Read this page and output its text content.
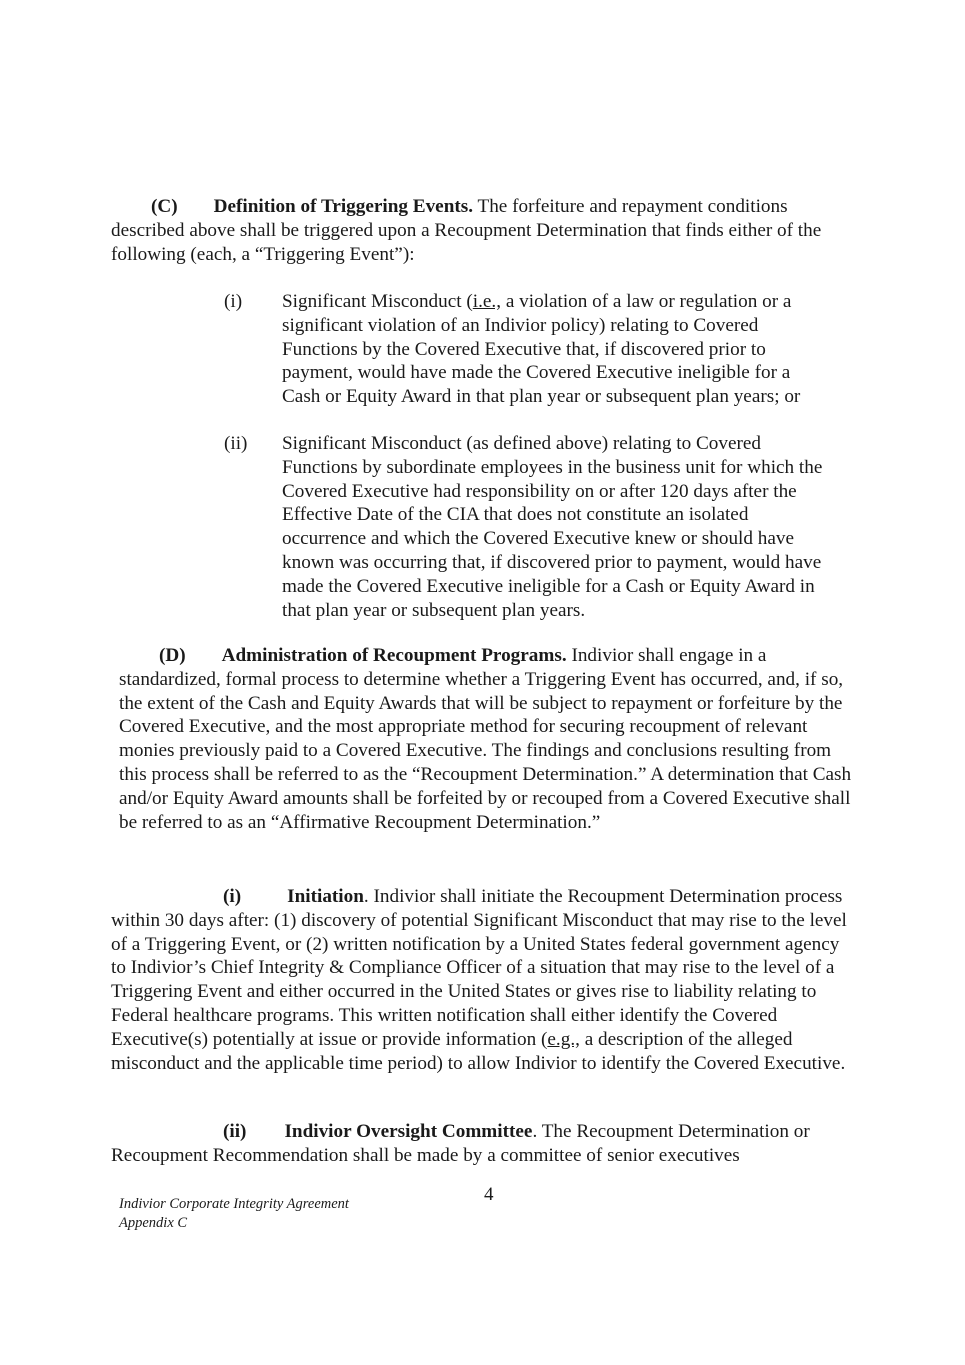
(C) Definition of Triggering Events. The forfeiture and repayment conditions described above shall be triggered upon a Recoupment Determination that finds either of the following (each, a “Triggering Event”):

(i)	Significant Misconduct (i.e., a violation of a law or regulation or a significant violation of an Indivior policy) relating to Covered Functions by the Covered Executive that, if discovered prior to payment, would have made the Covered Executive ineligible for a Cash or Equity Award in that plan year or subsequent plan years; or
(ii)	Significant Misconduct (as defined above) relating to Covered Functions by subordinate employees in the business unit for which the Covered Executive had responsibility on or after 120 days after the Effective Date of the CIA that does not constitute an isolated occurrence and which the Covered Executive knew or should have known was occurring that, if discovered prior to payment, would have made the Covered Executive ineligible for a Cash or Equity Award in that plan year or subsequent plan years.

(D) Administration of Recoupment Programs. Indivior shall engage in a standardized, formal process to determine whether a Triggering Event has occurred, and, if so, the extent of the Cash and Equity Awards that will be subject to repayment or forfeiture by the Covered Executive, and the most appropriate method for securing recoupment of relevant monies previously paid to a Covered Executive. The findings and conclusions resulting from this process shall be referred to as the “Recoupment Determination.” A determination that Cash and/or Equity Award amounts shall be forfeited by or recouped from a Covered Executive shall be referred to as an “Affirmative Recoupment Determination.”

(i) Initiation. Indivior shall initiate the Recoupment Determination process within 30 days after: (1) discovery of potential Significant Misconduct that may rise to the level of a Triggering Event, or (2) written notification by a United States federal government agency to Indivior’s Chief Integrity & Compliance Officer of a situation that may rise to the level of a Triggering Event and either occurred in the United States or gives rise to liability relating to Federal healthcare programs. This written notification shall either identify the Covered Executive(s) potentially at issue or provide information (e.g., a description of the alleged misconduct and the applicable time period) to allow Indivior to identify the Covered Executive.

(ii) Indivior Oversight Committee. The Recoupment Determination or Recoupment Recommendation shall be made by a committee of senior executives

Indivior Corporate Integrity Agreement
Appendix C
4
